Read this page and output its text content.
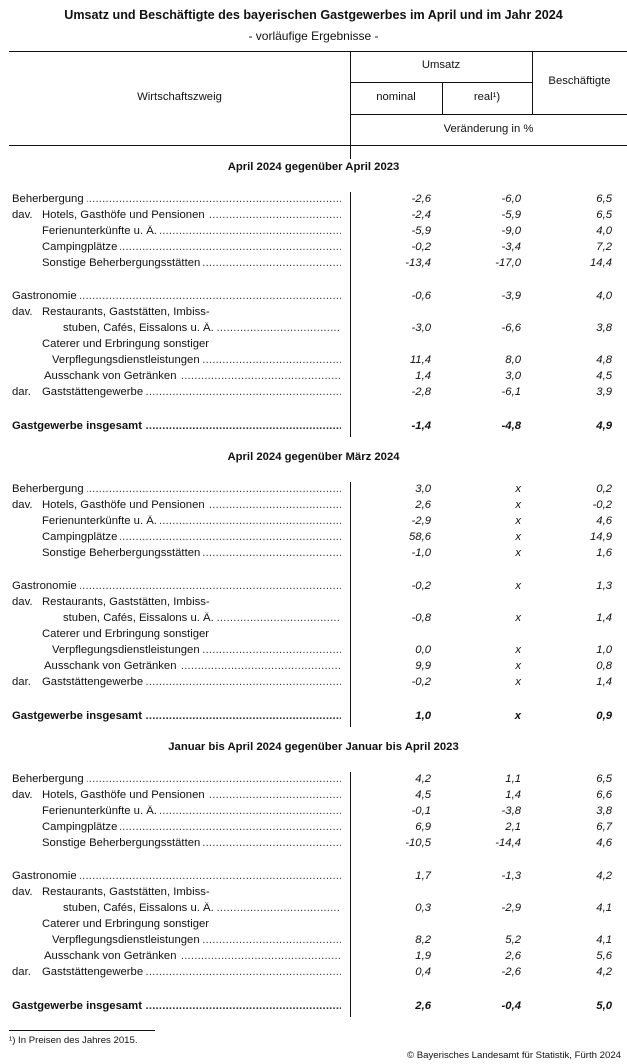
Umsatz und Beschäftigte des bayerischen Gastgewerbes im April und im Jahr 2024
- vorläufige Ergebnisse -
Wirtschaftszweig
Umsatz
nominal	real¹)
Beschäftigte
Veränderung in %
April 2024 gegenüber April 2023
Beherbergung .....	-2,6	-6,0	6,5
dav. Hotels, Gasthöfe und Pensionen .....	-2,4	-5,9	6,5
Ferienunterkünfte u. Ä. .....	-5,9	-9,0	4,0
Campingplätze .....	-0,2	-3,4	7,2
Sonstige Beherbergungsstätten .....	-13,4	-17,0	14,4
Gastronomie .....	-0,6	-3,9	4,0
dav. Restaurants, Gaststätten, Imbiss-
stuben, Cafés, Eissalons u. Ä. .....	-3,0	-6,6	3,8
Caterer und Erbringung sonstiger
Verpflegungsdienstleistungen .....	11,4	8,0	4,8
Ausschank von Getränken .....	1,4	3,0	4,5
dar. Gaststättengewerbe .....	-2,8	-6,1	3,9
Gastgewerbe insgesamt .....	-1,4	-4,8	4,9
April 2024 gegenüber März 2024
Beherbergung .....	3,0	x	0,2
dav. Hotels, Gasthöfe und Pensionen .....	2,6	x	-0,2
Ferienunterkünfte u. Ä. .....	-2,9	x	4,6
Campingplätze .....	58,6	x	14,9
Sonstige Beherbergungsstätten .....	-1,0	x	1,6
Gastronomie .....	-0,2	x	1,3
dav. Restaurants, Gaststätten, Imbiss-
stuben, Cafés, Eissalons u. Ä. .....	-0,8	x	1,4
Caterer und Erbringung sonstiger
Verpflegungsdienstleistungen .....	0,0	x	1,0
Ausschank von Getränken .....	9,9	x	0,8
dar. Gaststättengewerbe .....	-0,2	x	1,4
Gastgewerbe insgesamt .....	1,0	x	0,9
Januar bis April 2024 gegenüber Januar bis April 2023
Beherbergung .....	4,2	1,1	6,5
dav. Hotels, Gasthöfe und Pensionen .....	4,5	1,4	6,6
Ferienunterkünfte u. Ä. .....	-0,1	-3,8	3,8
Campingplätze .....	6,9	2,1	6,7
Sonstige Beherbergungsstätten .....	-10,5	-14,4	4,6
Gastronomie .....	1,7	-1,3	4,2
dav. Restaurants, Gaststätten, Imbiss-
stuben, Cafés, Eissalons u. Ä. .....	0,3	-2,9	4,1
Caterer und Erbringung sonstiger
Verpflegungsdienstleistungen .....	8,2	5,2	4,1
Ausschank von Getränken .....	1,9	2,6	5,6
dar. Gaststättengewerbe .....	0,4	-2,6	4,2
Gastgewerbe insgesamt .....	2,6	-0,4	5,0
¹) In Preisen des Jahres 2015.
© Bayerisches Landesamt für Statistik, Fürth 2024
